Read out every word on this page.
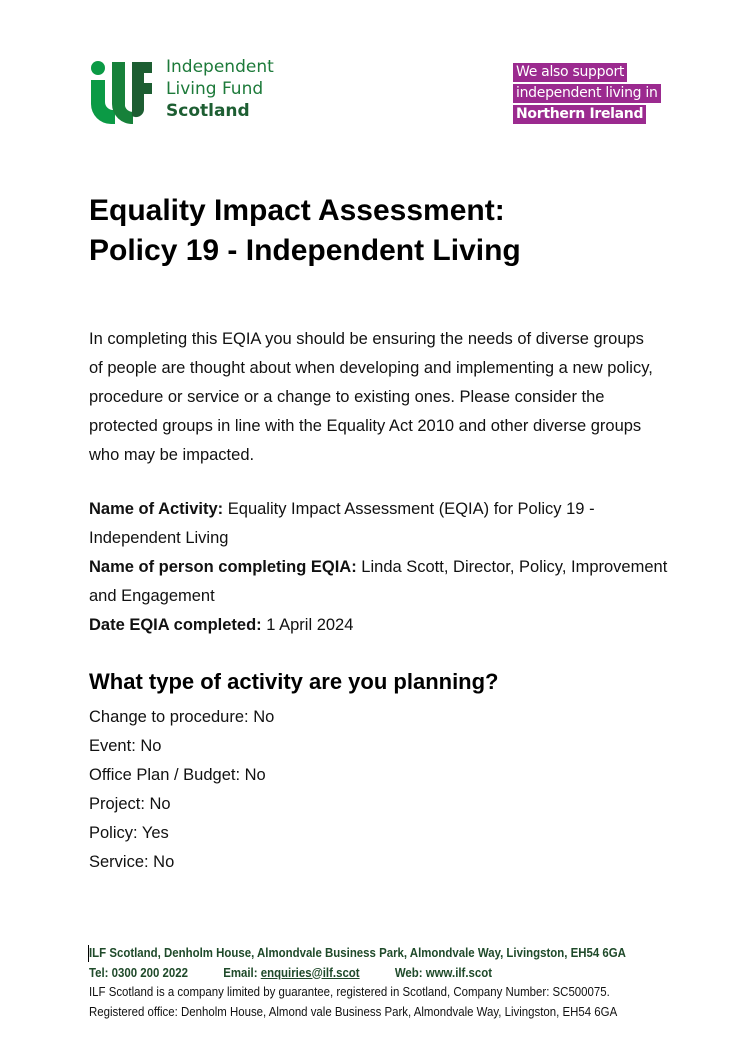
Independent
Living Fund
Scotland
We also support
independent living in
Northern Ireland
Equality Impact Assessment:
Policy 19 - Independent Living

In completing this EQIA you should be ensuring the needs of diverse groups of people are thought about when developing and implementing a new policy, procedure or service or a change to existing ones. Please consider the protected groups in line with the Equality Act 2010 and other diverse groups who may be impacted.

Name of Activity: Equality Impact Assessment (EQIA) for Policy 19 - Independent Living
Name of person completing EQIA: Linda Scott, Director, Policy, Improvement and Engagement
Date EQIA completed: 1 April 2024
What type of activity are you planning?
Change to procedure: No
Event: No
Office Plan / Budget: No
Project: No
Policy: Yes
Service: No
ILF Scotland, Denholm House, Almondvale Business Park, Almondvale Way, Livingston, EH54 6GA
Tel: 0300 200 2022	Email: enquiries@ilf.scot	Web: www.ilf.scot
ILF Scotland is a company limited by guarantee, registered in Scotland, Company Number: SC500075.
Registered office: Denholm House, Almond vale Business Park, Almondvale Way, Livingston, EH54 6GA
